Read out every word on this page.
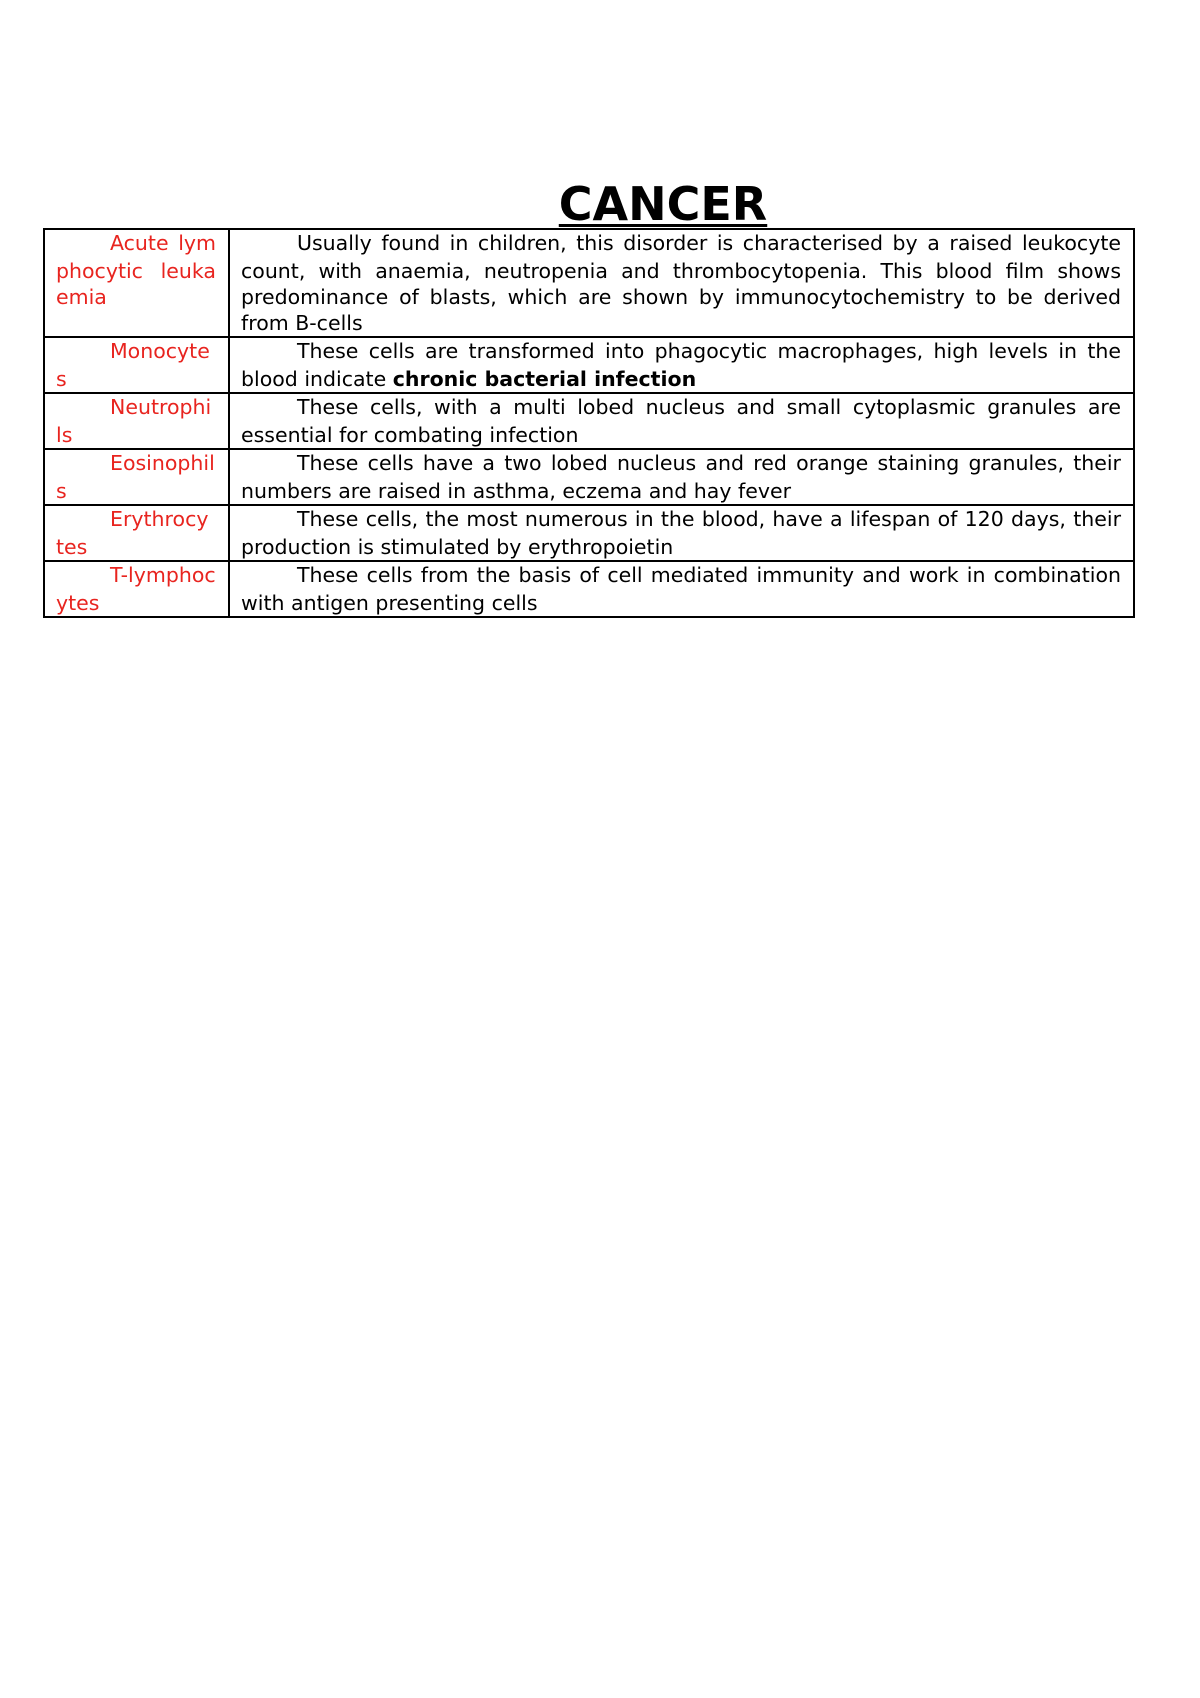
CANCER
Acute lymphocytic leukaemia	Usually found in children, this disorder is characterised by a raised leukocyte count, with anaemia, neutropenia and thrombocytopenia. This blood film shows predominance of blasts, which are shown by immunocytochemistry to be derived from B-cells
Monocytes	These cells are transformed into phagocytic macrophages, high levels in the blood indicate chronic bacterial infection
Neutrophils	These cells, with a multi lobed nucleus and small cytoplasmic granules are essential for combating infection
Eosinophils	These cells have a two lobed nucleus and red orange staining granules, their numbers are raised in asthma, eczema and hay fever
Erythrocytes	These cells, the most numerous in the blood, have a lifespan of 120 days, their production is stimulated by erythropoietin
T-lymphocytes	These cells from the basis of cell mediated immunity and work in combination with antigen presenting cells
